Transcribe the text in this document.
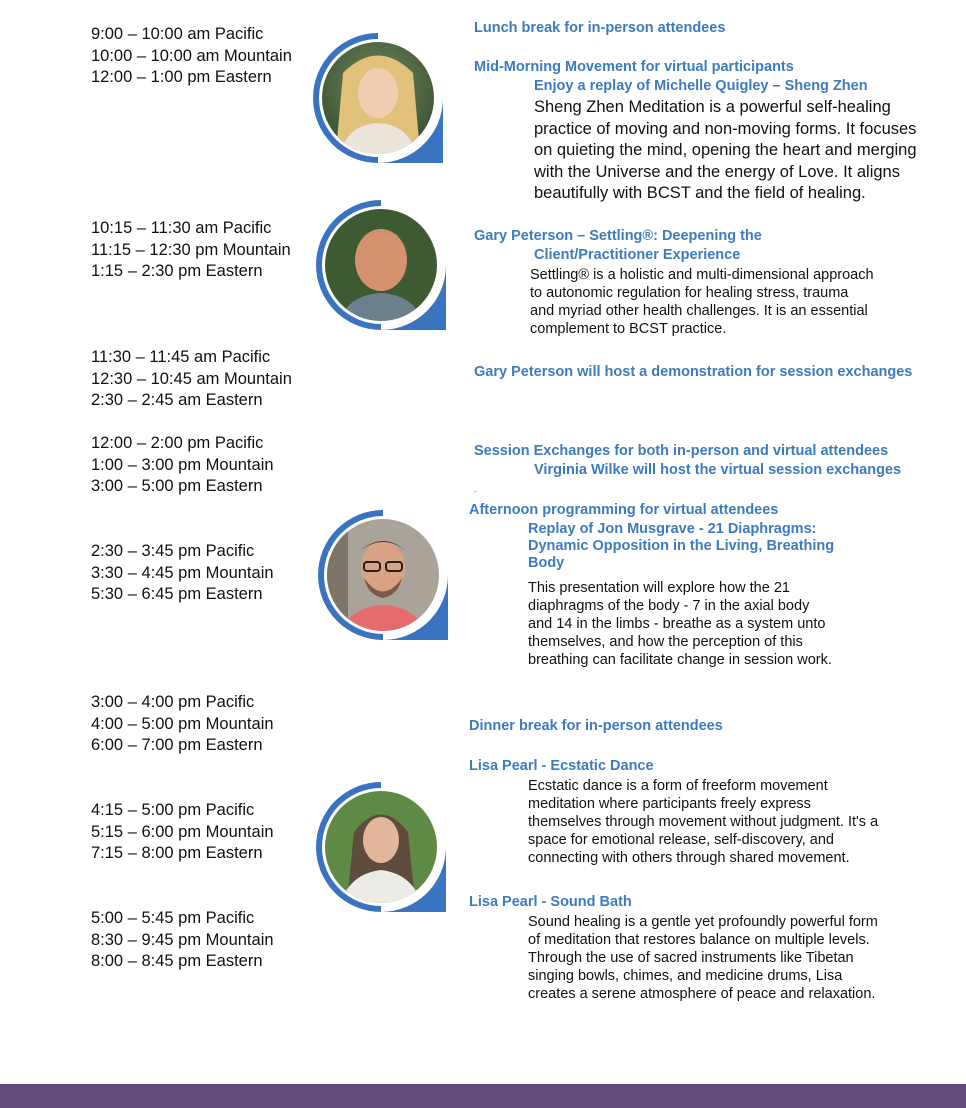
9:00 – 10:00 am Pacific
10:00 – 10:00 am Mountain
12:00 – 1:00 pm Eastern
10:15 – 11:30 am Pacific
11:15 – 12:30 pm Mountain
1:15 – 2:30 pm Eastern
11:30 – 11:45 am Pacific
12:30 – 10:45 am Mountain
2:30 – 2:45 am Eastern
12:00 – 2:00 pm Pacific
1:00 – 3:00 pm Mountain
3:00 – 5:00 pm Eastern
2:30 – 3:45 pm Pacific
3:30 – 4:45 pm Mountain
5:30 – 6:45 pm Eastern
3:00 – 4:00 pm Pacific
4:00 – 5:00 pm Mountain
6:00 – 7:00 pm Eastern
4:15 – 5:00 pm Pacific
5:15 – 6:00 pm Mountain
7:15 – 8:00 pm Eastern
5:00 – 5:45 pm Pacific
8:30 – 9:45 pm Mountain
8:00 – 8:45 pm Eastern
Lunch break for in-person attendees
Mid-Morning Movement for virtual participants
Enjoy a replay of Michelle Quigley – Sheng Zhen
Sheng Zhen Meditation is a powerful self-healing
practice of moving and non-moving forms. It focuses
on quieting the mind, opening the heart and merging
with the Universe and the energy of Love. It aligns
beautifully with BCST and the field of healing.
Gary Peterson – Settling®: Deepening the
Client/Practitioner Experience
Settling® is a holistic and multi-dimensional approach
to autonomic regulation for healing stress, trauma
and myriad other health challenges. It is an essential
complement to BCST practice.
Gary Peterson will host a demonstration for session exchanges
Session Exchanges for both in-person and virtual attendees
Virginia Wilke will host the virtual session exchanges
.
Afternoon programming for virtual attendees
Replay of Jon Musgrave - 21 Diaphragms:
Dynamic Opposition in the Living, Breathing
Body
This presentation will explore how the 21
diaphragms of the body - 7 in the axial body
and 14 in the limbs - breathe as a system unto
themselves, and how the perception of this
breathing can facilitate change in session work.
Dinner break for in-person attendees
Lisa Pearl - Ecstatic Dance
Ecstatic dance is a form of freeform movement
meditation where participants freely express
themselves through movement without judgment. It's a
space for emotional release, self-discovery, and
connecting with others through shared movement.
Lisa Pearl - Sound Bath
Sound healing is a gentle yet profoundly powerful form
of meditation that restores balance on multiple levels.
Through the use of sacred instruments like Tibetan
singing bowls, chimes, and medicine drums, Lisa
creates a serene atmosphere of peace and relaxation.
